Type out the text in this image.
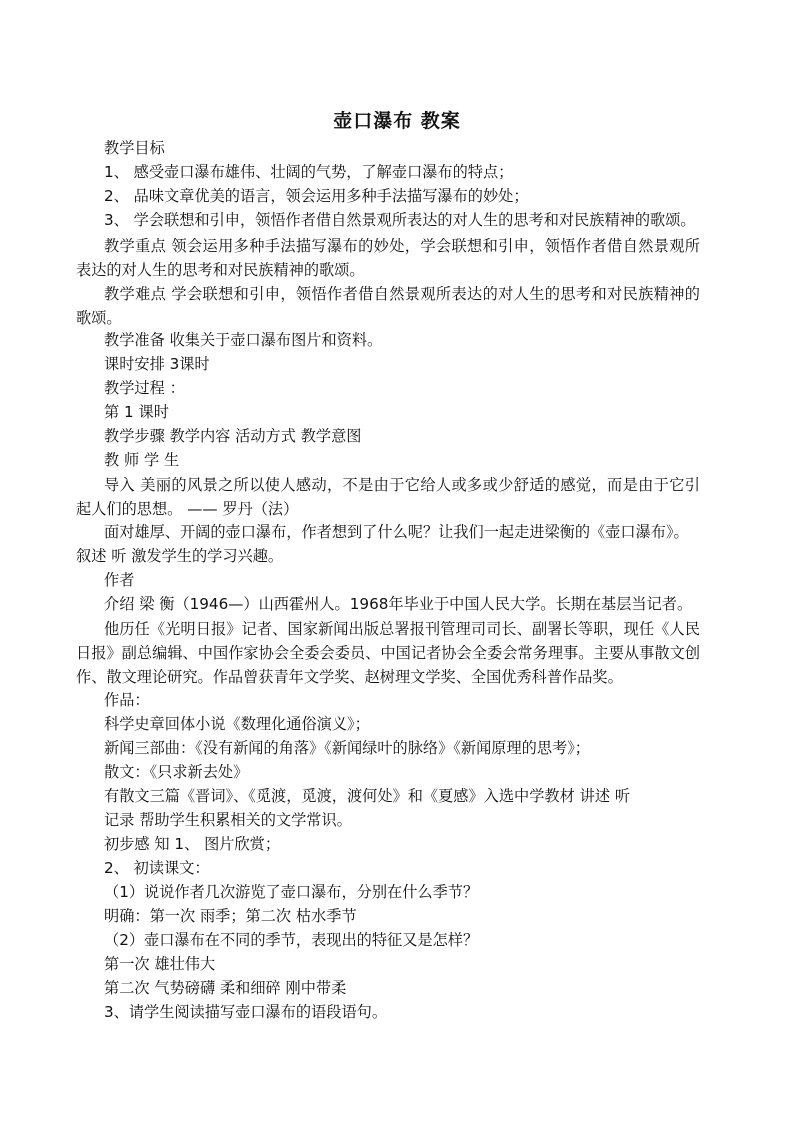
壶口瀑布 教案
教学目标
1、 感受壶口瀑布雄伟、壮阔的气势，了解壶口瀑布的特点；
2、 品味文章优美的语言，领会运用多种手法描写瀑布的妙处；
3、 学会联想和引申，领悟作者借自然景观所表达的对人生的思考和对民族精神的歌颂。
教学重点 领会运用多种手法描写瀑布的妙处，学会联想和引申，领悟作者借自然景观所表达的对人生的思考和对民族精神的歌颂。
教学难点 学会联想和引申，领悟作者借自然景观所表达的对人生的思考和对民族精神的歌颂。
教学准备 收集关于壶口瀑布图片和资料。
课时安排 3课时
教学过程 ：
第 1 课时
教学步骤 教学内容 活动方式 教学意图
教 师 学 生
导入 美丽的风景之所以使人感动，不是由于它给人或多或少舒适的感觉，而是由于它引起人们的思想。 —— 罗丹（法）
面对雄厚、开阔的壶口瀑布，作者想到了什么呢？让我们一起走进梁衡的《壶口瀑布》。
叙述 听 激发学生的学习兴趣。
作者
介绍 梁 衡（1946—）山西霍州人。1968年毕业于中国人民大学。长期在基层当记者。
他历任《光明日报》记者、国家新闻出版总署报刊管理司司长、副署长等职，现任《人民日报》副总编辑、中国作家协会全委会委员、中国记者协会全委会常务理事。主要从事散文创作、散文理论研究。作品曾获青年文学奖、赵树理文学奖、全国优秀科普作品奖。
作品：
科学史章回体小说《数理化通俗演义》；
新闻三部曲：《没有新闻的角落》《新闻绿叶的脉络》《新闻原理的思考》；
散文：《只求新去处》
有散文三篇《晋词》、《觅渡，觅渡，渡何处》和《夏感》入选中学教材 讲述 听
记录 帮助学生积累相关的文学常识。
初步感 知 1、 图片欣赏；
2、 初读课文：
（1）说说作者几次游览了壶口瀑布，分别在什么季节？
明确：第一次 雨季；第二次 枯水季节
（2）壶口瀑布在不同的季节，表现出的特征又是怎样？
第一次 雄壮伟大
第二次 气势磅礴 柔和细碎 刚中带柔
3、请学生阅读描写壶口瀑布的语段语句。
